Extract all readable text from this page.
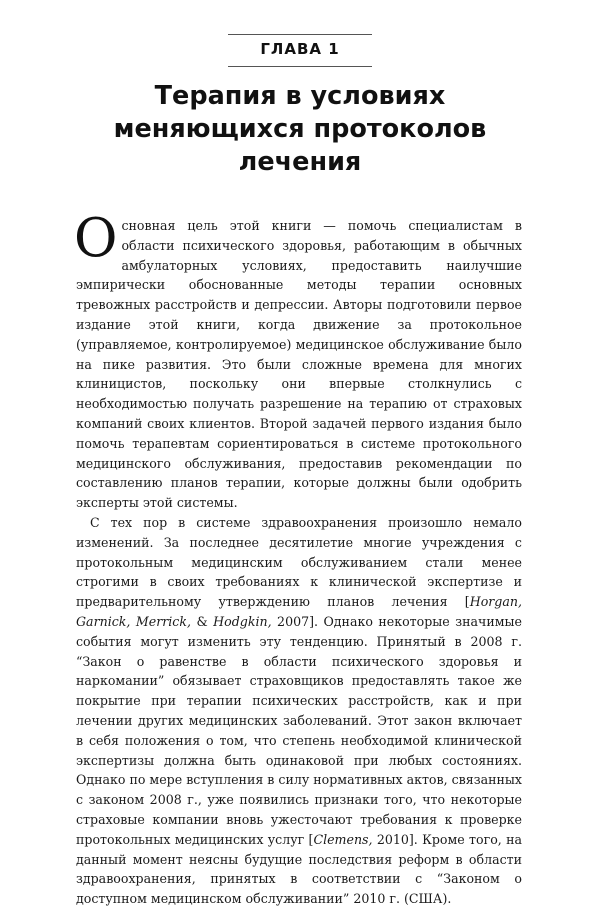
ГЛАВА 1
Терапия в условиях
меняющихся протоколов
лечения

Основная цель этой книги — помочь специалистам в области психического здоровья, работающим в обычных амбулаторных условиях, предоставить наилучшие эмпирически обоснованные методы терапии основных тревожных расстройств и депрессии. Авторы подготовили первое издание этой книги, когда движение за протокольное (управляемое, контролируемое) медицинское обслуживание было на пике развития. Это были сложные времена для многих клиницистов, поскольку они впервые столкнулись с необходимостью получать разрешение на терапию от страховых компаний своих клиентов. Второй задачей первого издания было помочь терапевтам сориентироваться в системе протокольного медицинского обслуживания, предоставив рекомендации по составлению планов терапии, которые должны были одобрить эксперты этой системы.

С тех пор в системе здравоохранения произошло немало изменений. За последнее десятилетие многие учреждения с протокольным медицинским обслуживанием стали менее строгими в своих требованиях к клинической экспертизе и предварительному утверждению планов лечения [Horgan, Garnick, Merrick, & Hodgkin, 2007]. Однако некоторые значимые события могут изменить эту тенденцию. Принятый в 2008 г. “Закон о равенстве в области психического здоровья и наркомании” обязывает страховщиков предоставлять такое же покрытие при терапии психических расстройств, как и при лечении других медицинских заболеваний. Этот закон включает в себя положения о том, что степень необходимой клинической экспертизы должна быть одинаковой при любых состояниях. Однако по мере вступления в силу нормативных актов, связанных с законом 2008 г., уже появились признаки того, что некоторые страховые компании вновь ужесточают требования к проверке протокольных медицинских услуг [Clemens, 2010]. Кроме того, на данный момент неясны будущие последствия реформ в области здравоохранения, принятых в соответствии с “Законом о доступном медицинском обслуживании” 2010 г. (США).
